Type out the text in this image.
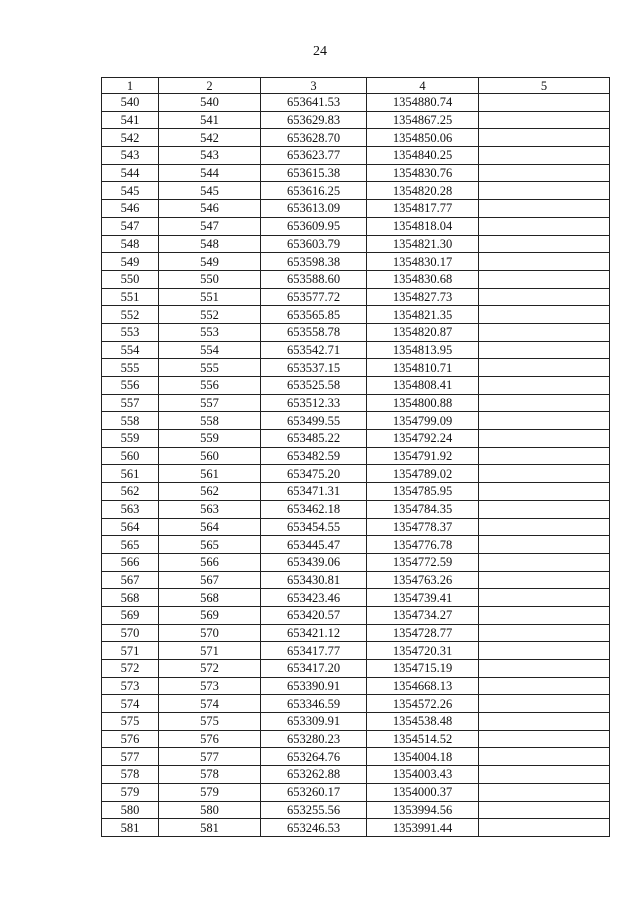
24
1	2	3	4	5
540	540	653641.53	1354880.74	
541	541	653629.83	1354867.25	
542	542	653628.70	1354850.06	
543	543	653623.77	1354840.25	
544	544	653615.38	1354830.76	
545	545	653616.25	1354820.28	
546	546	653613.09	1354817.77	
547	547	653609.95	1354818.04	
548	548	653603.79	1354821.30	
549	549	653598.38	1354830.17	
550	550	653588.60	1354830.68	
551	551	653577.72	1354827.73	
552	552	653565.85	1354821.35	
553	553	653558.78	1354820.87	
554	554	653542.71	1354813.95	
555	555	653537.15	1354810.71	
556	556	653525.58	1354808.41	
557	557	653512.33	1354800.88	
558	558	653499.55	1354799.09	
559	559	653485.22	1354792.24	
560	560	653482.59	1354791.92	
561	561	653475.20	1354789.02	
562	562	653471.31	1354785.95	
563	563	653462.18	1354784.35	
564	564	653454.55	1354778.37	
565	565	653445.47	1354776.78	
566	566	653439.06	1354772.59	
567	567	653430.81	1354763.26	
568	568	653423.46	1354739.41	
569	569	653420.57	1354734.27	
570	570	653421.12	1354728.77	
571	571	653417.77	1354720.31	
572	572	653417.20	1354715.19	
573	573	653390.91	1354668.13	
574	574	653346.59	1354572.26	
575	575	653309.91	1354538.48	
576	576	653280.23	1354514.52	
577	577	653264.76	1354004.18	
578	578	653262.88	1354003.43	
579	579	653260.17	1354000.37	
580	580	653255.56	1353994.56	
581	581	653246.53	1353991.44	
